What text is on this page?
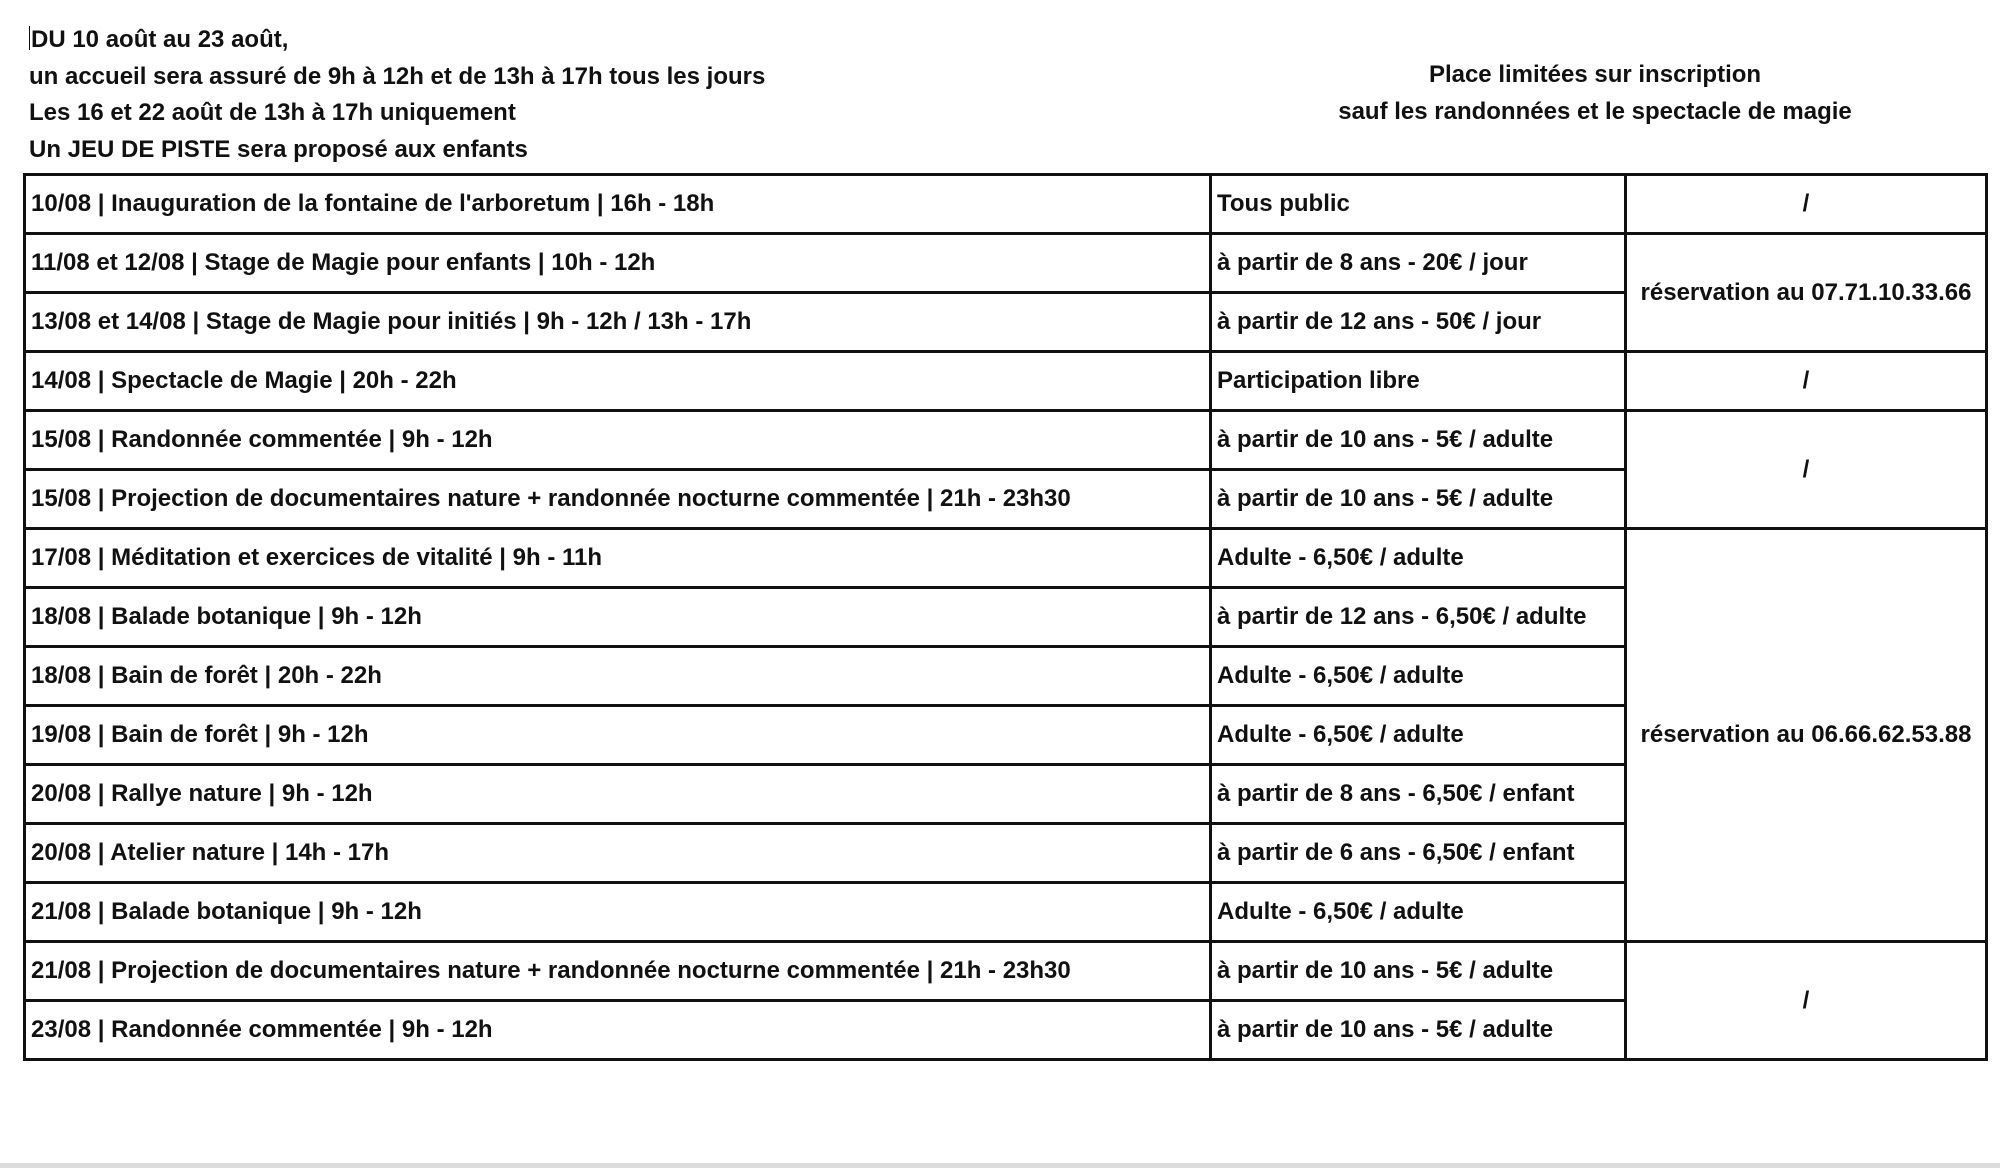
DU 10 août au 23 août,
un accueil sera assuré de 9h à 12h et de 13h à 17h tous les jours
Les 16 et 22 août de 13h à 17h uniquement
Un JEU DE PISTE sera proposé aux enfants
Place limitées sur inscription
sauf les randonnées et le spectacle de magie
10/08 | Inauguration de la fontaine de l'arboretum | 16h - 18h	Tous public	/
11/08 et 12/08 | Stage de Magie pour enfants | 10h - 12h	à partir de 8 ans - 20€ / jour	réservation au 07.71.10.33.66
13/08 et 14/08 | Stage de Magie pour initiés | 9h - 12h / 13h - 17h	à partir de 12 ans - 50€ / jour	
14/08 | Spectacle de Magie | 20h - 22h	Participation libre	/
15/08 | Randonnée commentée | 9h - 12h	à partir de 10 ans - 5€ / adulte	/
15/08 | Projection de documentaires nature + randonnée nocturne commentée | 21h - 23h30	à partir de 10 ans - 5€ / adulte	
17/08 | Méditation et exercices de vitalité | 9h - 11h	Adulte - 6,50€ / adulte	réservation au 06.66.62.53.88
18/08 | Balade botanique | 9h - 12h	à partir de 12 ans - 6,50€ / adulte	
18/08 | Bain de forêt | 20h - 22h	Adulte - 6,50€ / adulte	
19/08 | Bain de forêt | 9h - 12h	Adulte - 6,50€ / adulte	
20/08 | Rallye nature | 9h - 12h	à partir de 8 ans - 6,50€ / enfant	
20/08 | Atelier nature | 14h - 17h	à partir de 6 ans - 6,50€ / enfant	
21/08 | Balade botanique | 9h - 12h	Adulte - 6,50€ / adulte	
21/08 | Projection de documentaires nature + randonnée nocturne commentée | 21h - 23h30	à partir de 10 ans - 5€ / adulte	/
23/08 | Randonnée commentée | 9h - 12h	à partir de 10 ans - 5€ / adulte	
